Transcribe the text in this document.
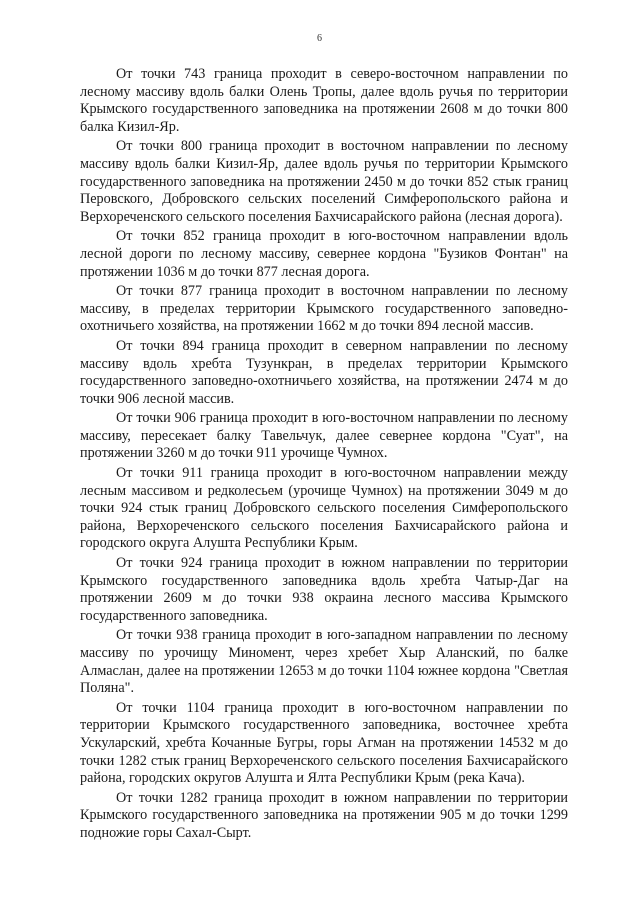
6

От точки 743 граница проходит в северо-восточном направлении по лесному массиву вдоль балки Олень Тропы, далее вдоль ручья по территории Крымского государственного заповедника на протяжении 2608 м до точки 800 балка Кизил-Яр.

От точки 800 граница проходит в восточном направлении по лесному массиву вдоль балки Кизил-Яр, далее вдоль ручья по территории Крымского государственного заповедника на протяжении 2450 м до точки 852 стык границ Перовского, Добровского сельских поселений Симферопольского района и Верхореченского сельского поселения Бахчисарайского района (лесная дорога).

От точки 852 граница проходит в юго-восточном направлении вдоль лесной дороги по лесному массиву, севернее кордона "Бузиков Фонтан" на протяжении 1036 м до точки 877 лесная дорога.

От точки 877 граница проходит в восточном направлении по лесному массиву, в пределах территории Крымского государственного заповедно-охотничьего хозяйства, на протяжении 1662 м до точки 894 лесной массив.

От точки 894 граница проходит в северном направлении по лесному массиву вдоль хребта Тузункран, в пределах территории Крымского государственного заповедно-охотничьего хозяйства, на протяжении 2474 м до точки 906 лесной массив.

От точки 906 граница проходит в юго-восточном направлении по лесному массиву, пересекает балку Тавельчук, далее севернее кордона "Суат", на протяжении 3260 м до точки 911 урочище Чумнох.

От точки 911 граница проходит в юго-восточном направлении между лесным массивом и редколесьем (урочище Чумнох) на протяжении 3049 м до точки 924 стык границ Добровского сельского поселения Симферопольского района, Верхореченского сельского поселения Бахчисарайского района и городского округа Алушта Республики Крым.

От точки 924 граница проходит в южном направлении по территории Крымского государственного заповедника вдоль хребта Чатыр-Даг на протяжении 2609 м до точки 938 окраина лесного массива Крымского государственного заповедника.

От точки 938 граница проходит в юго-западном направлении по лесному массиву по урочищу Миномент, через хребет Хыр Аланский, по балке Алмаслан, далее на протяжении 12653 м до точки 1104 южнее кордона "Светлая Поляна".

От точки 1104 граница проходит в юго-восточном направлении по территории Крымского государственного заповедника, восточнее хребта Ускуларский, хребта Кочанные Бугры, горы Агман на протяжении 14532 м до точки 1282 стык границ Верхореченского сельского поселения Бахчисарайского района, городских округов Алушта и Ялта Республики Крым (река Кача).

От точки 1282 граница проходит в южном направлении по территории Крымского государственного заповедника на протяжении 905 м до точки 1299 подножие горы Сахал-Сырт.
